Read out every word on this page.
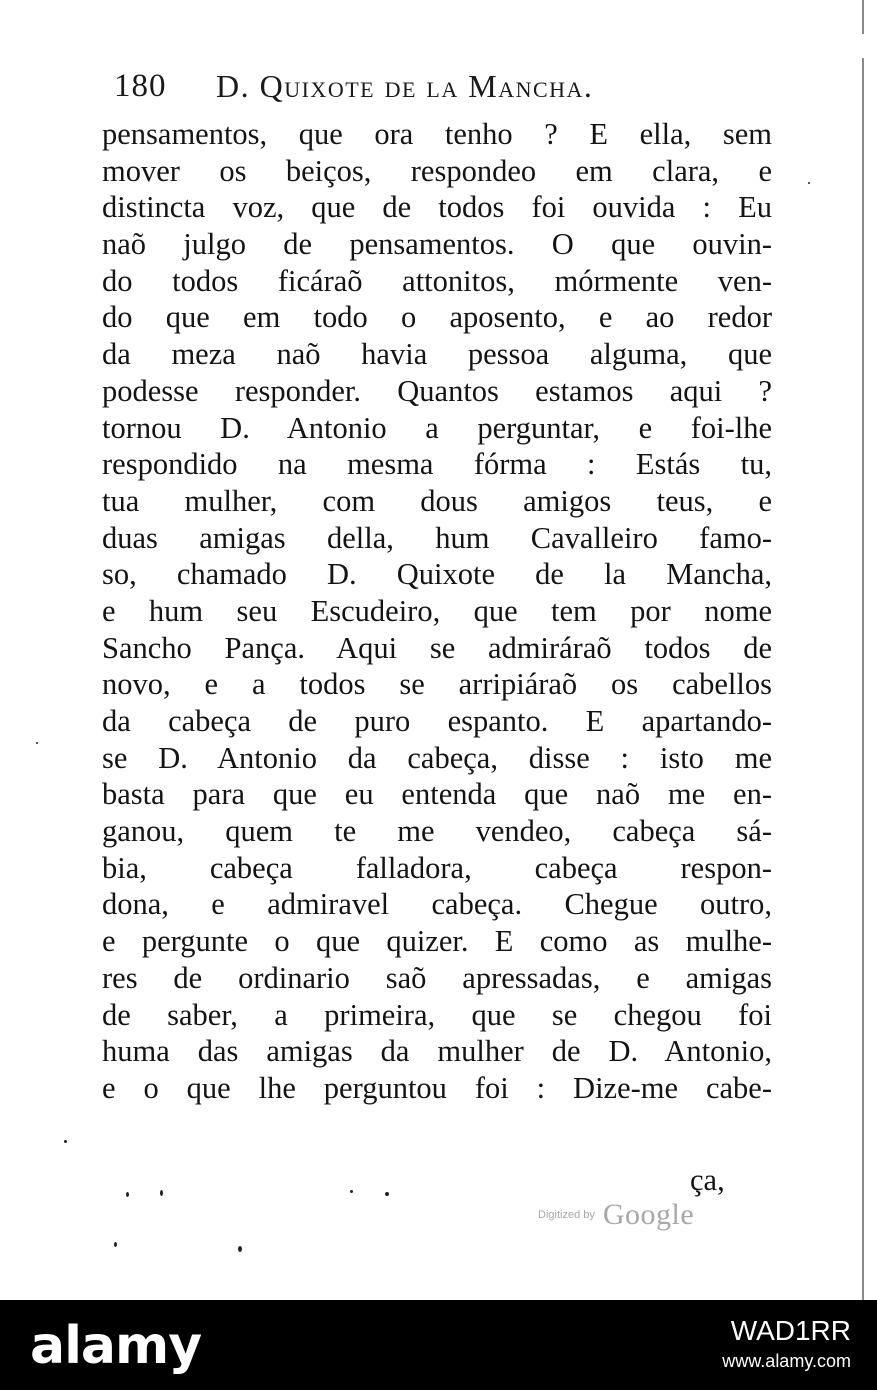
180 D. Quixote de la Mancha.
pensamentos, que ora tenho ? E ella, sem
mover os beiços, respondeo em clara, e
distincta voz, que de todos foi ouvida : Eu
naõ julgo de pensamentos. O que ouvin-
do todos ficáraõ attonitos, mórmente ven-
do que em todo o aposento, e ao redor
da meza naõ havia pessoa alguma, que
podesse responder. Quantos estamos aqui ?
tornou D. Antonio a perguntar, e foi-lhe
respondido na mesma fórma : Estás tu,
tua mulher, com dous amigos teus, e
duas amigas della, hum Cavalleiro famo-
so, chamado D. Quixote de la Mancha,
e hum seu Escudeiro, que tem por nome
Sancho Pança. Aqui se admiráraõ todos de
novo, e a todos se arripiáraõ os cabellos
da cabeça de puro espanto. E apartando-
se D. Antonio da cabeça, disse : isto me
basta para que eu entenda que naõ me en-
ganou, quem te me vendeo, cabeça sá-
bia, cabeça falladora, cabeça respon-
dona, e admiravel cabeça. Chegue outro,
e pergunte o que quizer. E como as mulhe-
res de ordinario saõ apressadas, e amigas
de saber, a primeira, que se chegou foi
huma das amigas da mulher de D. Antonio,
e o que lhe perguntou foi : Dize-me cabe-
ça,
Digitized by Google
alamy	WAD1RR
www.alamy.com
